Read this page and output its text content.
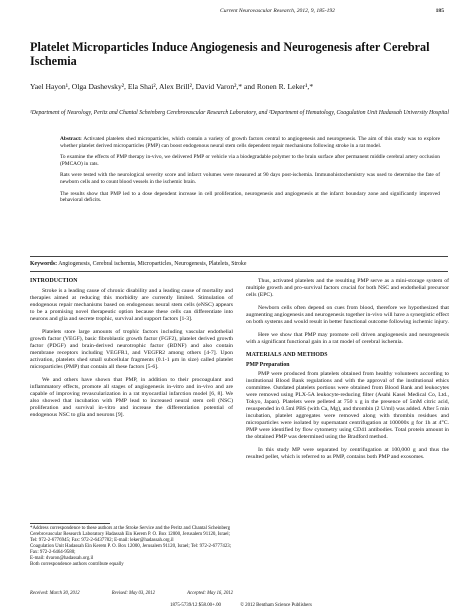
Current Neurovascular Research, 2012, 9, 185-192	185
Platelet Microparticles Induce Angiogenesis and Neurogenesis after Cerebral Ischemia
Yael Hayon¹, Olga Dashevsky², Ela Shai², Alex Brill², David Varon²,* and Ronen R. Leker¹,*
¹Department of Neurology, Peritz and Chantal Scheinberg Cerebrovascular Research Laboratory, and ²Department of Hematology, Coagulation Unit Hadassah University Hospital

Abstract: Activated platelets shed microparticles, which contain a variety of growth factors central to angiogenesis and neurogenesis. The aim of this study was to explore whether platelet derived microparticles (PMP) can boost endogenous neural stem cells dependent repair mechanisms following stroke in a rat model.

To examine the effects of PMP therapy in-vivo, we delivered PMP or vehicle via a biodegradable polymer to the brain surface after permanent middle cerebral artery occlusion (PMCAO) in rats.

Rats were tested with the neurological severity score and infarct volumes were measured at 90 days post-ischemia. Immunohistochemistry was used to determine the fate of newborn cells and to count blood vessels in the ischemic brain.

The results show that PMP led to a dose dependent increase in cell proliferation, neurogenesis and angiogenesis at the infarct boundary zone and significantly improved behavioral deficits.

Keywords: Angiogenesis, Cerebral ischemia, Microparticles, Neurogenesis, Platelets, Stroke
INTRODUCTION

Stroke is a leading cause of chronic disability and a leading cause of mortality and therapies aimed at reducing this morbidity are currently limited. Stimulation of endogenous repair mechanisms based on endogenous neural stem cells (eNSC) appears to be a promising novel therapeutic option because these cells can differentiate into neurons and glia and secrete trophic, survival and support factors [1-3].

Platelets store large amounts of trophic factors including vascular endothelial growth factor (VEGF), basic fibroblastic growth factor (FGF2), platelet derived growth factor (PDGF) and brain-derived neurotrophic factor (BDNF) and also contain membrane receptors including VEGFR1, and VEGFR2 among others [4-7]. Upon activation, platelets shed small subcellular fragments (0.1-1 μm in size) called platelet microparticles (PMP) that contain all these factors [5-6].

We and others have shown that PMP, in addition to their procoagulant and inflammatory effects, promote all stages of angiogenesis in-vitro and in-vivo and are capable of improving revascularization in a rat myocardial infarction model [6, 8]. We also showed that incubation with PMP lead to increased neural stem cell (NSC) proliferation and survival in-vitro and increase the differentiation potential of endogenous NSC to glia and neurons [9].

*Address correspondence to these authors at the Stroke Service and the Peritz and Chantal Scheinberg Cerebrovascular Research Laboratory Hadassah Ein Kerem P. O. Box 12000, Jerusalem 91120, Israel; Tel: 972-2-6776945; Fax: 972-2-6437782; E-mail: leker@hadassah.org.il
Coagulation Unit Hadassah Ein Kerem P. O. Box 12000, Jerusalem 91120, Israel; Tel: 972-2-6777423; Fax: 972-2-6464-9580;
E-mail: dvaron@hadassah.org.il
Both correspondence authors contribute equally
Received: March 30, 2012	Revised: May 03, 2012	Accepted: May 16, 2012

Thus, activated platelets and the resulting PMP serve as a mini-storage system of multiple growth and pro-survival factors crucial for both NSC and endothelial precursor cells (EPC).

Newborn cells often depend on cues from blood, therefore we hypothesized that augmenting angiogenesis and neurogenesis together in-vivo will have a synergistic effect on both systems and would result in better functional outcome following ischemic injury.

Here we show that PMP may promote cell driven angiogenesis and neurogenesis with a significant functional gain in a rat model of cerebral ischemia.

MATERIALS AND METHODS
PMP Preparation

PMP were produced from platelets obtained from healthy volunteers according to institutional Blood Bank regulations and with the approval of the institutional ethics committee. Outdated platelets portions were obtained from Blood Bank and leukocytes were removed using PLX-5A leukocyte-reducing filter (Asahi Kasei Medical Co, Ltd., Tokyo, Japan). Platelets were pelleted at 750 x g in the presence of 5mM citric acid, resuspended in 0.5ml PBS (with Ca, Mg), and thrombin (2 U/ml) was added. After 5 min incubation, platelet aggregates were removed along with thrombin residues and microparticles were isolated by supernatant centrifugation at 100000x g for 1h at 4°C. PMP were identified by flow cytometry using CD41 antibodies. Total protein amount in the obtained PMP was determined using the Bradford method.

In this study MP were separated by centrifugation at 100,000 g and thus the resulted pellet, which is referred to as PMP, contains both PMP and exosomes.

1875-5739/12 $58.00+.00	© 2012 Bentham Science Publishers
